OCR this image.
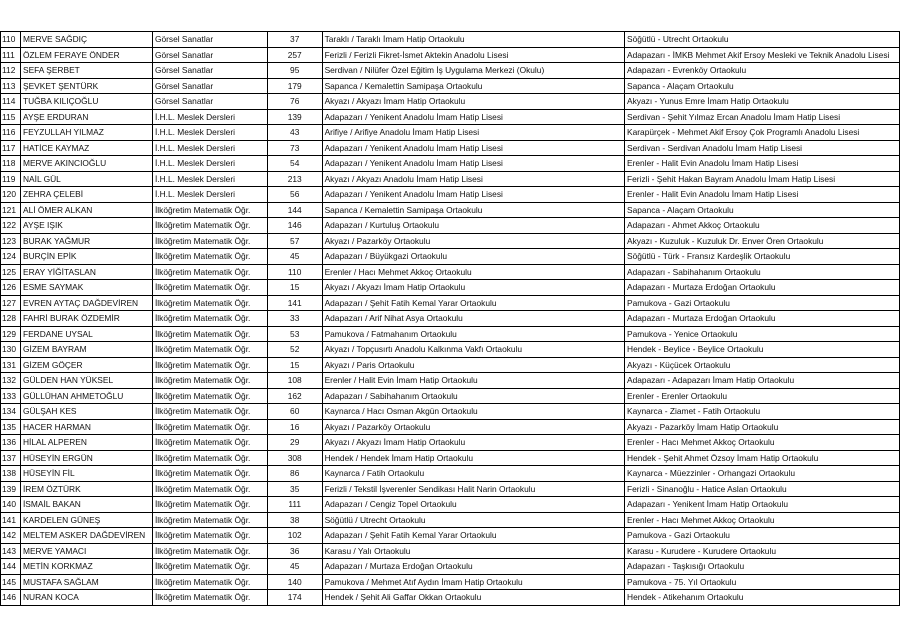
110	MERVE SAĞDIÇ	Görsel Sanatlar	37	Taraklı / Taraklı İmam Hatip Ortaokulu	Söğütlü - Utrecht Ortaokulu
111	ÖZLEM FERAYE ÖNDER	Görsel Sanatlar	257	Ferizli / Ferizli Fikret-İsmet Aktekin Anadolu Lisesi	Adapazarı - İMKB Mehmet Akif Ersoy Mesleki ve Teknik Anadolu Lisesi
112	SEFA ŞERBET	Görsel Sanatlar	95	Serdivan / Nilüfer Özel Eğitim İş Uygulama Merkezi (Okulu)	Adapazarı - Evrenköy Ortaokulu
113	ŞEVKET ŞENTÜRK	Görsel Sanatlar	179	Sapanca / Kemalettin Samipaşa Ortaokulu	Sapanca - Alaçam Ortaokulu
114	TUĞBA KILIÇOĞLU	Görsel Sanatlar	76	Akyazı / Akyazı İmam Hatip Ortaokulu	Akyazı - Yunus Emre İmam Hatip Ortaokulu
115	AYŞE ERDURAN	İ.H.L. Meslek Dersleri	139	Adapazarı / Yenikent Anadolu İmam Hatip Lisesi	Serdivan - Şehit Yılmaz Ercan Anadolu İmam Hatip Lisesi
116	FEYZULLAH YILMAZ	İ.H.L. Meslek Dersleri	43	Arifiye / Arifiye Anadolu İmam Hatip Lisesi	Karapürçek - Mehmet Akif Ersoy Çok Programlı Anadolu Lisesi
117	HATİCE KAYMAZ	İ.H.L. Meslek Dersleri	73	Adapazarı / Yenikent Anadolu İmam Hatip Lisesi	Serdivan - Serdivan Anadolu İmam Hatip Lisesi
118	MERVE AKINCIOĞLU	İ.H.L. Meslek Dersleri	54	Adapazarı / Yenikent Anadolu İmam Hatip Lisesi	Erenler - Halit Evin Anadolu İmam Hatip Lisesi
119	NAİL GÜL	İ.H.L. Meslek Dersleri	213	Akyazı / Akyazı Anadolu İmam Hatip Lisesi	Ferizli - Şehit Hakan Bayram Anadolu İmam Hatip Lisesi
120	ZEHRA ÇELEBİ	İ.H.L. Meslek Dersleri	56	Adapazarı / Yenikent Anadolu İmam Hatip Lisesi	Erenler - Halit Evin Anadolu İmam Hatip Lisesi
121	ALİ ÖMER ALKAN	İlköğretim Matematik Öğr.	144	Sapanca / Kemalettin Samipaşa Ortaokulu	Sapanca - Alaçam Ortaokulu
122	AYŞE IŞIK	İlköğretim Matematik Öğr.	146	Adapazarı / Kurtuluş Ortaokulu	Adapazarı - Ahmet Akkoç Ortaokulu
123	BURAK YAĞMUR	İlköğretim Matematik Öğr.	57	Akyazı / Pazarköy Ortaokulu	Akyazı - Kuzuluk - Kuzuluk Dr. Enver Ören Ortaokulu
124	BURÇİN EPİK	İlköğretim Matematik Öğr.	45	Adapazarı / Büyükgazi Ortaokulu	Söğütlü - Türk - Fransız Kardeşlik Ortaokulu
125	ERAY YİĞİTASLAN	İlköğretim Matematik Öğr.	110	Erenler / Hacı Mehmet Akkoç Ortaokulu	Adapazarı - Sabihahanım Ortaokulu
126	ESME SAYMAK	İlköğretim Matematik Öğr.	15	Akyazı / Akyazı İmam Hatip Ortaokulu	Adapazarı - Murtaza Erdoğan Ortaokulu
127	EVREN AYTAÇ DAĞDEVİREN	İlköğretim Matematik Öğr.	141	Adapazarı / Şehit Fatih Kemal Yarar Ortaokulu	Pamukova - Gazi Ortaokulu
128	FAHRİ BURAK ÖZDEMİR	İlköğretim Matematik Öğr.	33	Adapazarı / Arif Nihat Asya Ortaokulu	Adapazarı - Murtaza Erdoğan Ortaokulu
129	FERDANE UYSAL	İlköğretim Matematik Öğr.	53	Pamukova / Fatmahanım Ortaokulu	Pamukova - Yenice Ortaokulu
130	GİZEM BAYRAM	İlköğretim Matematik Öğr.	52	Akyazı / Topçusırtı Anadolu Kalkınma Vakfı Ortaokulu	Hendek - Beylice - Beylice Ortaokulu
131	GİZEM GÖÇER	İlköğretim Matematik Öğr.	15	Akyazı / Paris Ortaokulu	Akyazı - Küçücek Ortaokulu
132	GÜLDEN HAN YÜKSEL	İlköğretim Matematik Öğr.	108	Erenler / Halit Evin İmam Hatip Ortaokulu	Adapazarı - Adapazarı İmam Hatip Ortaokulu
133	GÜLLÜHAN AHMETOĞLU	İlköğretim Matematik Öğr.	162	Adapazarı / Sabihahanım Ortaokulu	Erenler - Erenler Ortaokulu
134	GÜLŞAH KES	İlköğretim Matematik Öğr.	60	Kaynarca / Hacı Osman Akgün Ortaokulu	Kaynarca - Ziamet - Fatih Ortaokulu
135	HACER HARMAN	İlköğretim Matematik Öğr.	16	Akyazı / Pazarköy Ortaokulu	Akyazı - Pazarköy İmam Hatip Ortaokulu
136	HİLAL ALPEREN	İlköğretim Matematik Öğr.	29	Akyazı / Akyazı İmam Hatip Ortaokulu	Erenler - Hacı Mehmet Akkoç Ortaokulu
137	HÜSEYİN ERGÜN	İlköğretim Matematik Öğr.	308	Hendek / Hendek İmam Hatip Ortaokulu	Hendek - Şehit Ahmet Özsoy İmam Hatip Ortaokulu
138	HÜSEYİN FİL	İlköğretim Matematik Öğr.	86	Kaynarca / Fatih Ortaokulu	Kaynarca - Müezzinler - Orhangazi Ortaokulu
139	İREM ÖZTÜRK	İlköğretim Matematik Öğr.	35	Ferizli / Tekstil İşverenler Sendikası Halit Narin Ortaokulu	Ferizli - Sinanoğlu - Hatice Aslan Ortaokulu
140	İSMAİL BAKAN	İlköğretim Matematik Öğr.	111	Adapazarı / Cengiz Topel Ortaokulu	Adapazarı - Yenikent İmam Hatip Ortaokulu
141	KARDELEN GÜNEŞ	İlköğretim Matematik Öğr.	38	Söğütlü / Utrecht Ortaokulu	Erenler - Hacı Mehmet Akkoç Ortaokulu
142	MELTEM ASKER DAĞDEVİREN	İlköğretim Matematik Öğr.	102	Adapazarı / Şehit Fatih Kemal Yarar Ortaokulu	Pamukova - Gazi Ortaokulu
143	MERVE YAMACI	İlköğretim Matematik Öğr.	36	Karasu / Yalı Ortaokulu	Karasu - Kurudere - Kurudere Ortaokulu
144	METİN KORKMAZ	İlköğretim Matematik Öğr.	45	Adapazarı / Murtaza Erdoğan Ortaokulu	Adapazarı - Taşkısığı Ortaokulu
145	MUSTAFA SAĞLAM	İlköğretim Matematik Öğr.	140	Pamukova / Mehmet Atıf Aydın İmam Hatip Ortaokulu	Pamukova - 75. Yıl Ortaokulu
146	NURAN KOCA	İlköğretim Matematik Öğr.	174	Hendek / Şehit Ali Gaffar Okkan Ortaokulu	Hendek - Atikehanım Ortaokulu
